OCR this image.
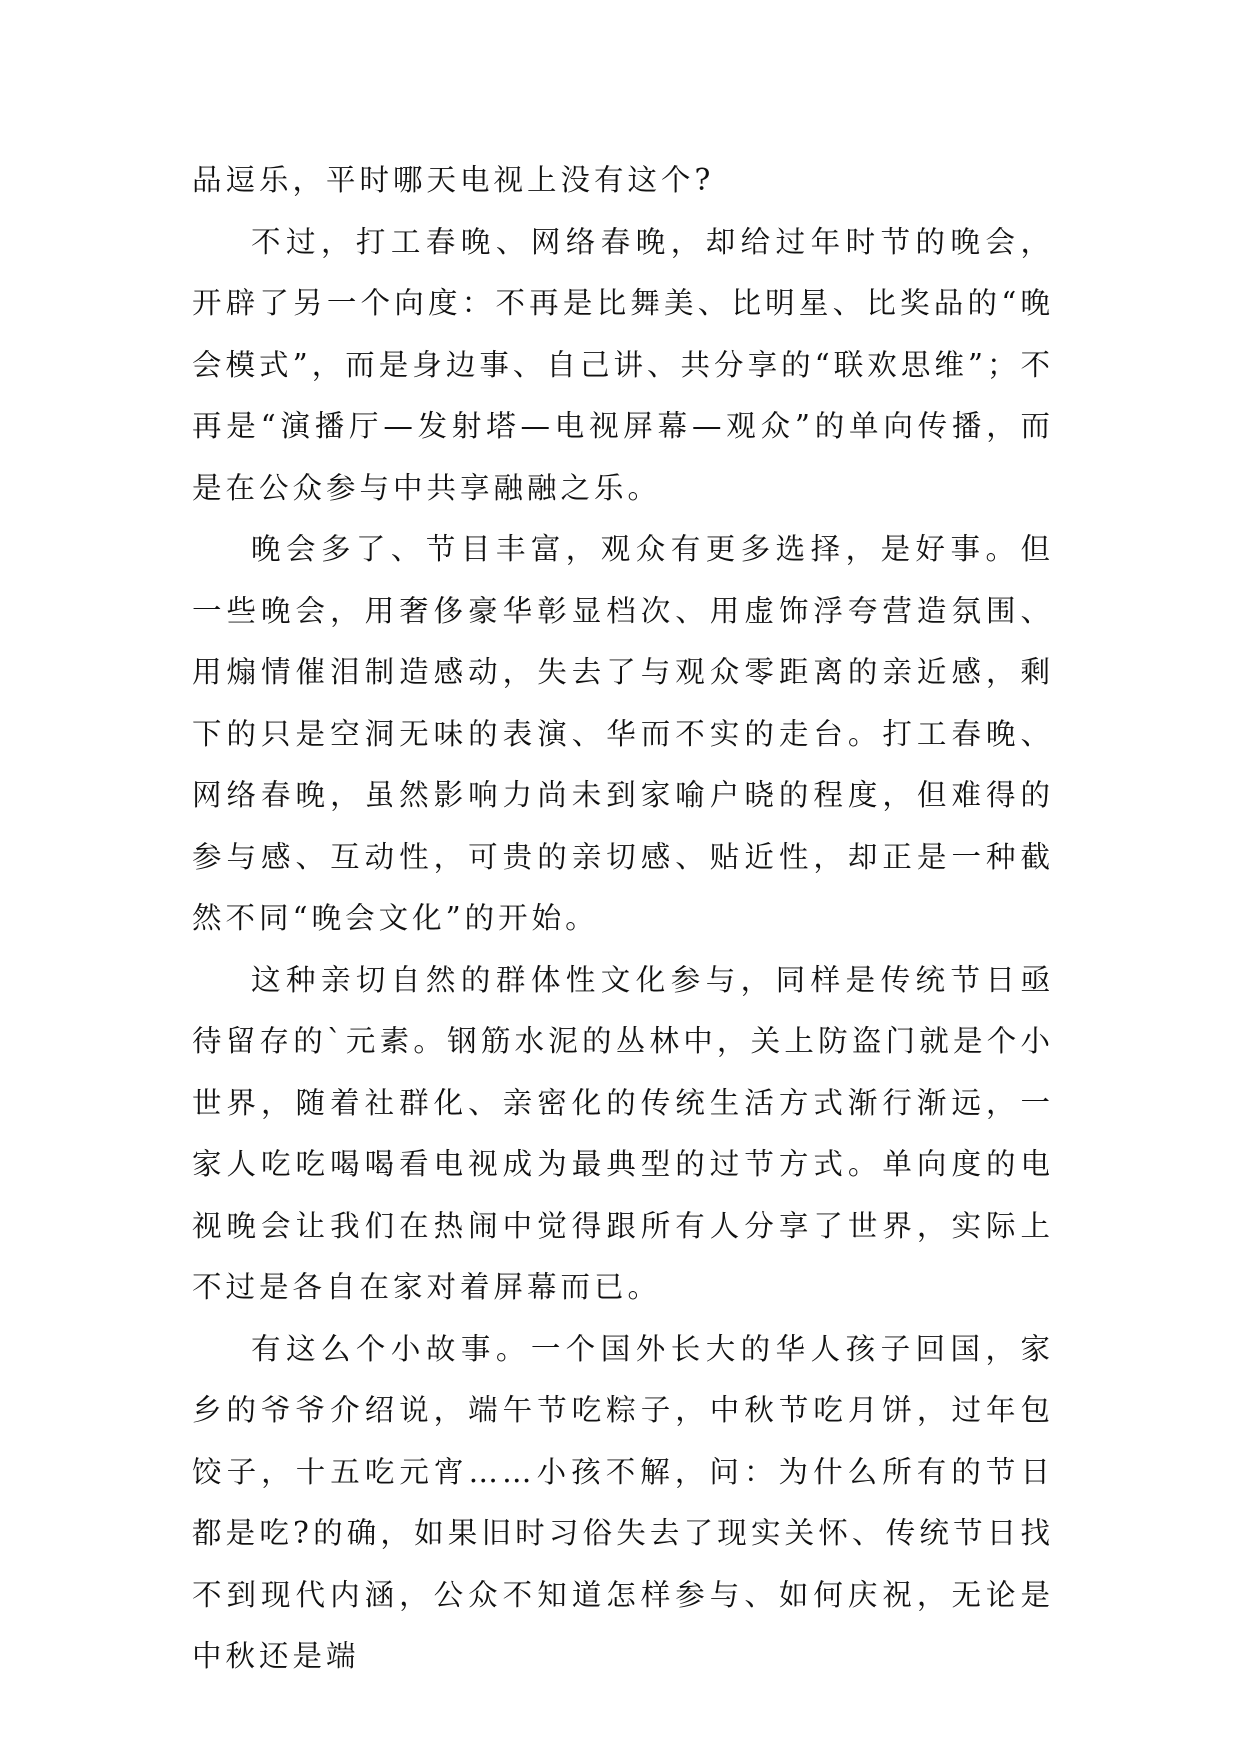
品逗乐，平时哪天电视上没有这个?

不过，打工春晚、网络春晚，却给过年时节的晚会，开辟了另一个向度：不再是比舞美、比明星、比奖品的“晚会模式”，而是身边事、自己讲、共分享的“联欢思维”；不再是“演播厅—发射塔—电视屏幕—观众”的单向传播，而是在公众参与中共享融融之乐。

晚会多了、节目丰富，观众有更多选择，是好事。但一些晚会，用奢侈豪华彰显档次、用虚饰浮夸营造氛围、用煽情催泪制造感动，失去了与观众零距离的亲近感，剩下的只是空洞无味的表演、华而不实的走台。打工春晚、网络春晚，虽然影响力尚未到家喻户晓的程度，但难得的参与感、互动性，可贵的亲切感、贴近性，却正是一种截然不同“晚会文化”的开始。

这种亲切自然的群体性文化参与，同样是传统节日亟待留存的`元素。钢筋水泥的丛林中，关上防盗门就是个小世界，随着社群化、亲密化的传统生活方式渐行渐远，一家人吃吃喝喝看电视成为最典型的过节方式。单向度的电视晚会让我们在热闹中觉得跟所有人分享了世界，实际上不过是各自在家对着屏幕而已。

有这么个小故事。一个国外长大的华人孩子回国，家乡的爷爷介绍说，端午节吃粽子，中秋节吃月饼，过年包饺子，十五吃元宵……小孩不解，问：为什么所有的节日都是吃?的确，如果旧时习俗失去了现实关怀、传统节日找不到现代内涵，公众不知道怎样参与、如何庆祝，无论是中秋还是端
